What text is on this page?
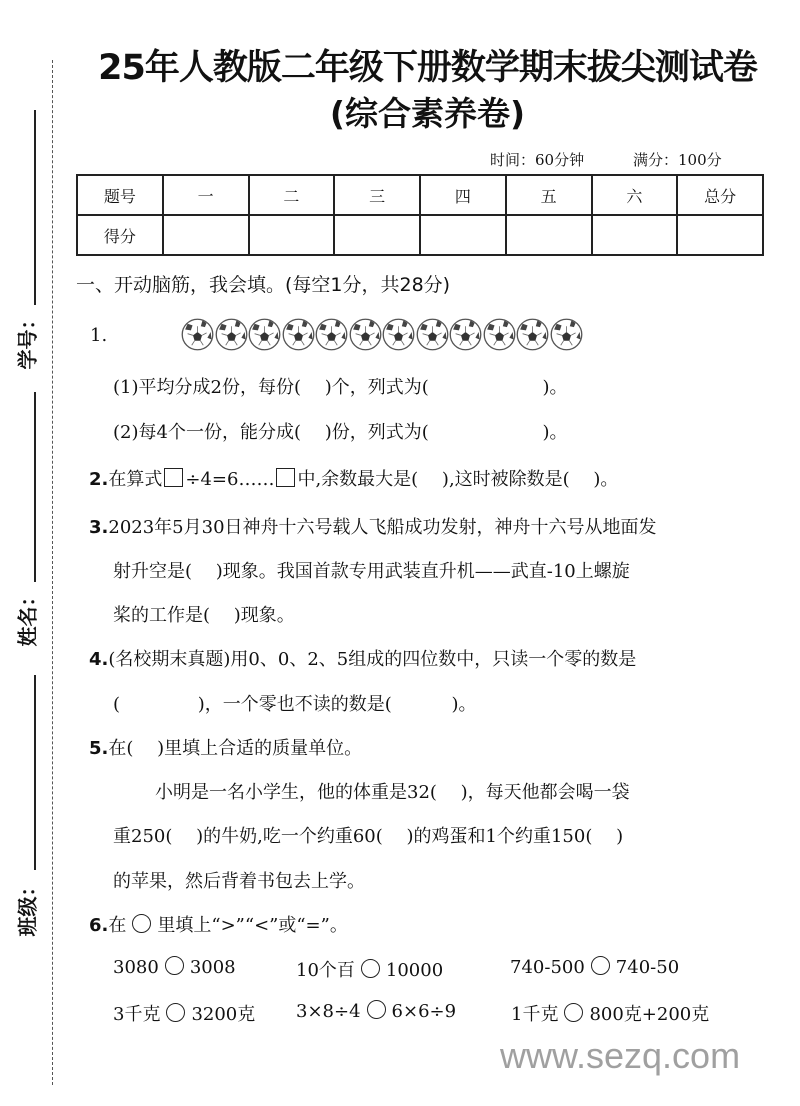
学号：
姓名：
班级：
25年人教版二年级下册数学期末拔尖测试卷
(综合素养卷)
时间：60分钟	满分：100分
题号	一	二	三	四	五	六	总分
得分							
一、开动脑筋，我会填。(每空1分，共28分)
1.
(1)平均分成2份，每份(　 )个，列式为(　　　　　　 )。
(2)每4个一份，能分成(　 )份，列式为(　　　　　　 )。
2.在算式 ÷4=6…… 中,余数最大是(　 ),这时被除数是(　 )。
3.2023年5月30日神舟十六号载人飞船成功发射，神舟十六号从地面发
射升空是(　 )现象。我国首款专用武装直升机——武直-10上螺旋
桨的工作是(　 )现象。
4.(名校期末真题)用0、0、2、5组成的四位数中，只读一个零的数是
(　　　　 )，一个零也不读的数是(　　　 )。
5.在(　 )里填上合适的质量单位。
小明是一名小学生，他的体重是32(　 )，每天他都会喝一袋
重250(　 )的牛奶,吃一个约重60(　 )的鸡蛋和1个约重150(　 )
的苹果，然后背着书包去上学。
6.在 里填上“>”“<”或“=”。
3080 3008	10个百 10000	740-500 740-50
3千克 3200克 3×8÷4 6×6÷9	1千克 800克+200克
www.sezq.com
